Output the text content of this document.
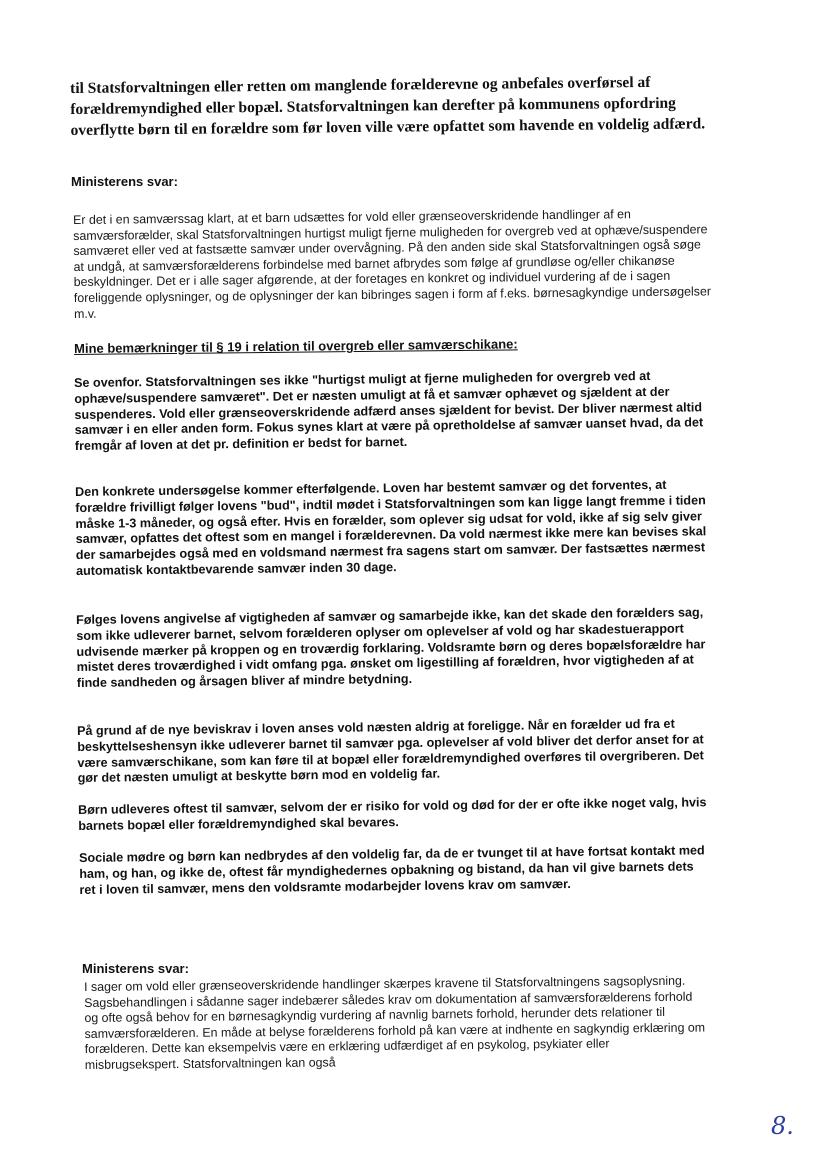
til Statsforvaltningen eller retten om manglende forælderevne og anbefales overførsel af forældremyndighed eller bopæl. Statsforvaltningen kan derefter på kommunens opfordring overflytte børn til en forældre som før loven ville være opfattet som havende en voldelig adfærd.

Ministerens svar:

Er det i en samværssag klart, at et barn udsættes for vold eller grænseoverskridende handlinger af en samværsforælder, skal Statsforvaltningen hurtigst muligt fjerne muligheden for overgreb ved at ophæve/suspendere samværet eller ved at fastsætte samvær under overvågning. På den anden side skal Statsforvaltningen også søge at undgå, at samværsforælderens forbindelse med barnet afbrydes som følge af grundløse og/eller chikanøse beskyldninger. Det er i alle sager afgørende, at der foretages en konkret og individuel vurdering af de i sagen foreliggende oplysninger, og de oplysninger der kan bibringes sagen i form af f.eks. børnesagkyndige undersøgelser m.v.

Mine bemærkninger til § 19 i relation til overgreb eller samværschikane:

Se ovenfor. Statsforvaltningen ses ikke "hurtigst muligt at fjerne muligheden for overgreb ved at ophæve/suspendere samværet". Det er næsten umuligt at få et samvær ophævet og sjældent at der suspenderes. Vold eller grænseoverskridende adfærd anses sjældent for bevist. Der bliver nærmest altid samvær i en eller anden form. Fokus synes klart at være på opretholdelse af samvær uanset hvad, da det fremgår af loven at det pr. definition er bedst for barnet.

Den konkrete undersøgelse kommer efterfølgende. Loven har bestemt samvær og det forventes, at forældre frivilligt følger lovens "bud", indtil mødet i Statsforvaltningen som kan ligge langt fremme i tiden måske 1-3 måneder, og også efter. Hvis en forælder, som oplever sig udsat for vold, ikke af sig selv giver samvær, opfattes det oftest som en mangel i forælderevnen. Da vold nærmest ikke mere kan bevises skal der samarbejdes også med en voldsmand nærmest fra sagens start om samvær. Der fastsættes nærmest automatisk kontaktbevarende samvær inden 30 dage.

Følges lovens angivelse af vigtigheden af samvær og samarbejde ikke, kan det skade den forælders sag, som ikke udleverer barnet, selvom forælderen oplyser om oplevelser af vold og har skadestuerapport udvisende mærker på kroppen og en troværdig forklaring. Voldsramte børn og deres bopælsforældre har mistet deres troværdighed i vidt omfang pga. ønsket om ligestilling af forældren, hvor vigtigheden af at finde sandheden og årsagen bliver af mindre betydning.

På grund af de nye beviskrav i loven anses vold næsten aldrig at foreligge. Når en forælder ud fra et beskyttelseshensyn ikke udleverer barnet til samvær pga. oplevelser af vold bliver det derfor anset for at være samværschikane, som kan føre til at bopæl eller forældremyndighed overføres til overgriberen. Det gør det næsten umuligt at beskytte børn mod en voldelig far.

Børn udleveres oftest til samvær, selvom der er risiko for vold og død for der er ofte ikke noget valg, hvis barnets bopæl eller forældremyndighed skal bevares.

Sociale mødre og børn kan nedbrydes af den voldelig far, da de er tvunget til at have fortsat kontakt med ham, og han, og ikke de, oftest får myndighedernes opbakning og bistand, da han vil give barnets dets ret i loven til samvær, mens den voldsramte modarbejder lovens krav om samvær.

Ministerens svar:

I sager om vold eller grænseoverskridende handlinger skærpes kravene til Statsforvaltningens sagsoplysning. Sagsbehandlingen i sådanne sager indebærer således krav om dokumentation af samværsforælderens forhold og ofte også behov for en børnesagkyndig vurdering af navnlig barnets forhold, herunder dets relationer til samværsforælderen. En måde at belyse forælderens forhold på kan være at indhente en sagkyndig erklæring om forælderen. Dette kan eksempelvis være en erklæring udfærdiget af en psykolog, psykiater eller misbrugsekspert. Statsforvaltningen kan også

8.
